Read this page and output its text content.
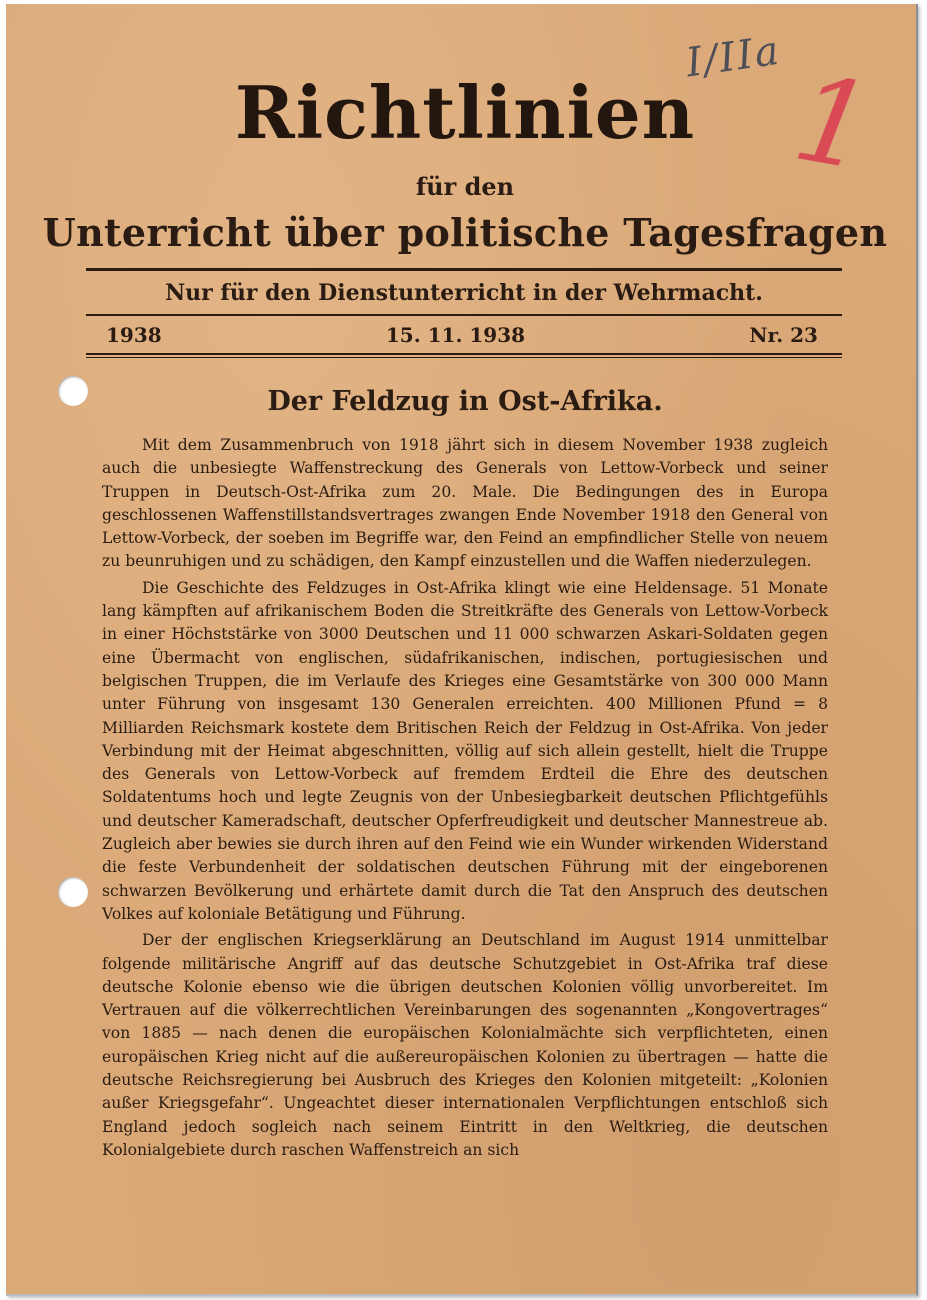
I/IIa 1
Richtlinien
für den
Unterricht über politische Tagesfragen
Nur für den Dienstunterricht in der Wehrmacht.
1938	15. 11. 1938	Nr. 23
Der Feldzug in Ost-Afrika.

Mit dem Zusammenbruch von 1918 jährt sich in diesem November 1938 zugleich auch die unbesiegte Waffenstreckung des Generals von Lettow-Vorbeck und seiner Truppen in Deutsch-Ost-Afrika zum 20. Male. Die Bedingungen des in Europa geschlossenen Waffenstillstandsvertrages zwangen Ende November 1918 den General von Lettow-Vorbeck, der soeben im Begriffe war, den Feind an empfindlicher Stelle von neuem zu beunruhigen und zu schädigen, den Kampf einzustellen und die Waffen niederzulegen.

Die Geschichte des Feldzuges in Ost-Afrika klingt wie eine Heldensage. 51 Monate lang kämpften auf afrikanischem Boden die Streitkräfte des Generals von Lettow-Vorbeck in einer Höchststärke von 3000 Deutschen und 11 000 schwarzen Askari-Soldaten gegen eine Übermacht von englischen, südafrikanischen, indischen, portugiesischen und belgischen Truppen, die im Verlaufe des Krieges eine Gesamtstärke von 300 000 Mann unter Führung von insgesamt 130 Generalen erreichten. 400 Millionen Pfund = 8 Milliarden Reichsmark kostete dem Britischen Reich der Feldzug in Ost-Afrika. Von jeder Verbindung mit der Heimat abgeschnitten, völlig auf sich allein gestellt, hielt die Truppe des Generals von Lettow-Vorbeck auf fremdem Erdteil die Ehre des deutschen Soldatentums hoch und legte Zeugnis von der Unbesiegbarkeit deutschen Pflichtgefühls und deutscher Kameradschaft, deutscher Opferfreudigkeit und deutscher Mannestreue ab. Zugleich aber bewies sie durch ihren auf den Feind wie ein Wunder wirkenden Widerstand die feste Verbundenheit der soldatischen deutschen Führung mit der eingeborenen schwarzen Bevölkerung und erhärtete damit durch die Tat den Anspruch des deutschen Volkes auf koloniale Betätigung und Führung.

Der der englischen Kriegserklärung an Deutschland im August 1914 unmittelbar folgende militärische Angriff auf das deutsche Schutzgebiet in Ost-Afrika traf diese deutsche Kolonie ebenso wie die übrigen deutschen Kolonien völlig unvorbereitet. Im Vertrauen auf die völkerrechtlichen Vereinbarungen des sogenannten „Kongovertrages“ von 1885 — nach denen die europäischen Kolonialmächte sich verpflichteten, einen europäischen Krieg nicht auf die außereuropäischen Kolonien zu übertragen — hatte die deutsche Reichsregierung bei Ausbruch des Krieges den Kolonien mitgeteilt: „Kolonien außer Kriegsgefahr“. Ungeachtet dieser internationalen Verpflichtungen entschloß sich England jedoch sogleich nach seinem Eintritt in den Weltkrieg, die deutschen Kolonialgebiete durch raschen Waffenstreich an sich
